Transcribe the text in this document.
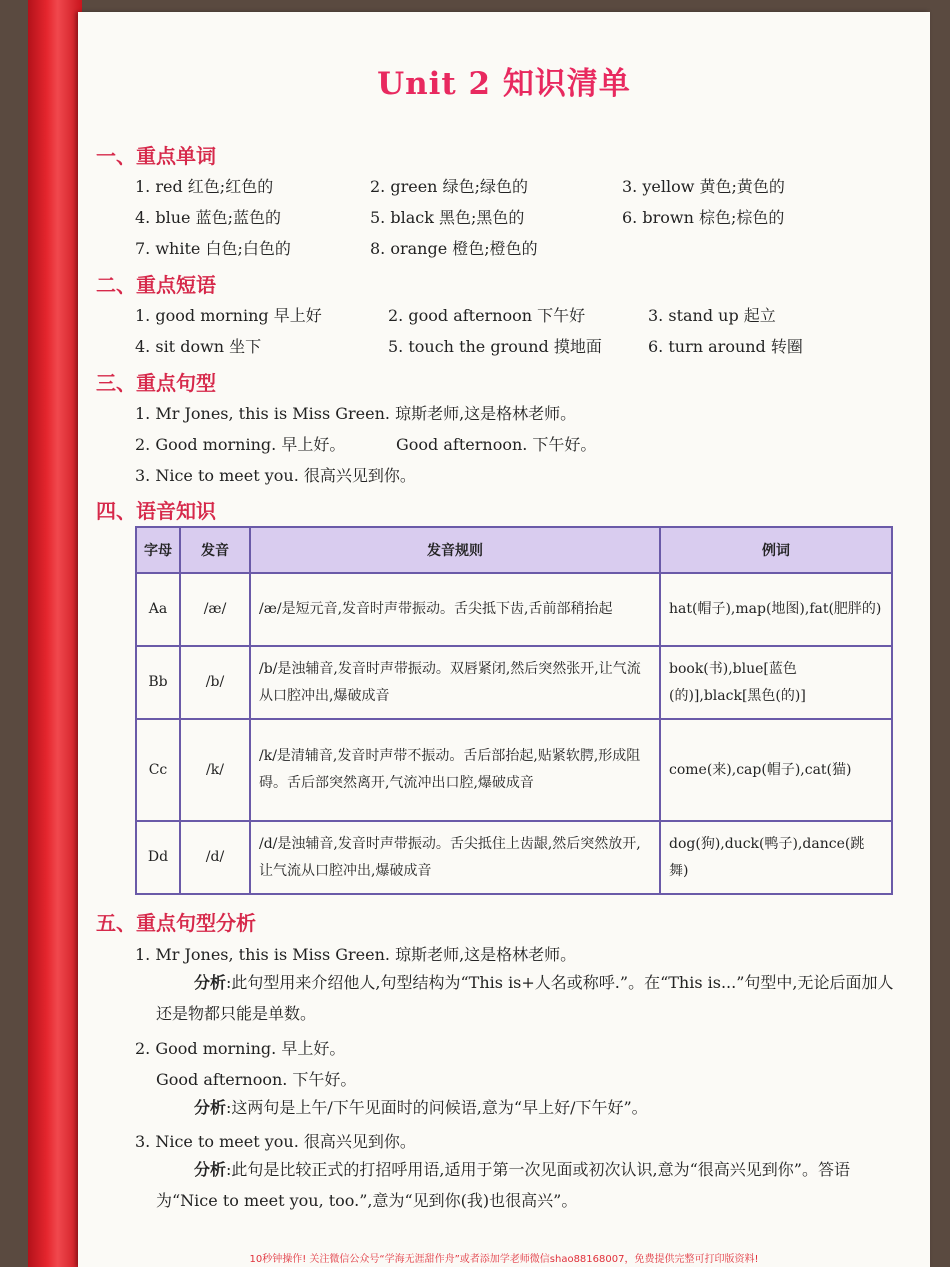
Unit 2 知识清单
一、重点单词
1. red 红色;红色的	2. green 绿色;绿色的	3. yellow 黄色;黄色的
4. blue 蓝色;蓝色的	5. black 黑色;黑色的	6. brown 棕色;棕色的
7. white 白色;白色的	8. orange 橙色;橙色的
二、重点短语
1. good morning 早上好	2. good afternoon 下午好	3. stand up 起立
4. sit down 坐下	5. touch the ground 摸地面	6. turn around 转圈
三、重点句型
1. Mr Jones, this is Miss Green. 琼斯老师,这是格林老师。
2. Good morning. 早上好。	Good afternoon. 下午好。
3. Nice to meet you. 很高兴见到你。
四、语音知识
字母	发音	发音规则	例词
Aa	/æ/	/æ/是短元音,发音时声带振动。舌尖抵下齿,舌前部稍抬起	hat(帽子),map(地图),fat(肥胖的)
Bb	/b/	/b/是浊辅音,发音时声带振动。双唇紧闭,然后突然张开,让气流从口腔冲出,爆破成音	book(书),blue[蓝色(的)],black[黑色(的)]
Cc	/k/	/k/是清辅音,发音时声带不振动。舌后部抬起,贴紧软腭,形成阻碍。舌后部突然离开,气流冲出口腔,爆破成音	come(来),cap(帽子),cat(猫)
Dd	/d/	/d/是浊辅音,发音时声带振动。舌尖抵住上齿龈,然后突然放开,让气流从口腔冲出,爆破成音	dog(狗),duck(鸭子),dance(跳舞)
五、重点句型分析
1. Mr Jones, this is Miss Green. 琼斯老师,这是格林老师。
分析:此句型用来介绍他人,句型结构为“This is+人名或称呼.”。在“This is...”句型中,无论后面加人还是物都只能是单数。
2. Good morning. 早上好。
Good afternoon. 下午好。
分析:这两句是上午/下午见面时的问候语,意为“早上好/下午好”。
3. Nice to meet you. 很高兴见到你。
分析:此句是比较正式的打招呼用语,适用于第一次见面或初次认识,意为“很高兴见到你”。答语为“Nice to meet you, too.”,意为“见到你(我)也很高兴”。
10秒钟操作! 关注微信公众号“学海无涯甜作舟”或者添加学老师微信shao88168007，免费提供完整可打印版资料!
